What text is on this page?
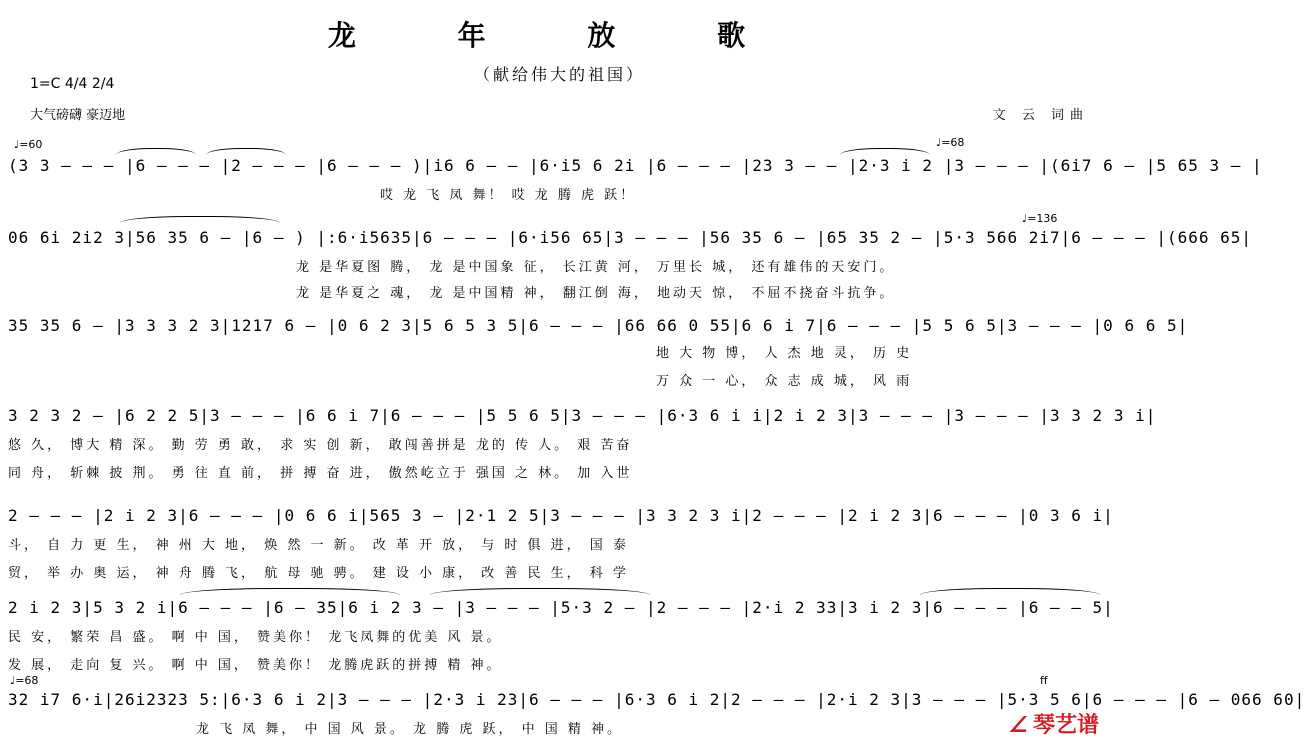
龙 年 放 歌
（献给伟大的祖国）
1=C 4/4 2/4
大气磅礴 豪迈地	文 云 词曲
♩=60	♩=68
♩=136
♩=68	ff
(3 3 — — — |6 — — — |2 — — — |6 — — — )|i6 6 — — |6·i5 6 2i |6 — — — |23 3 — — |2·3 i 2 |3 — — — |(6i7 6 — |5 65 3 — |
哎 龙 飞 凤 舞！ 哎 龙 腾 虎 跃！
06 6i 2i2 3|56 35 6 — |6 — ) |:6·i5635|6 — — — |6·i56 65|3 — — — |56 35 6 — |65 35 2 — |5·3 566 2i7|6 — — — |(666 65|
龙 是华夏图 腾， 龙 是中国象 征， 长江黄 河， 万里长 城， 还有雄伟的天安门。
龙 是华夏之 魂， 龙 是中国精 神， 翻江倒 海， 地动天 惊， 不屈不挠奋斗抗争。
35 35 6 — |3 3 3 2 3|1217 6 — |0 6 2 3|5 6 5 3 5|6 — — — |66 66 0 55|6 6 i 7|6 — — — |5 5 6 5|3 — — — |0 6 6 5|
地 大 物 博， 人 杰 地 灵， 历 史
万 众 一 心， 众 志 成 城， 风 雨
3 2 3 2 — |6 2 2 5|3 — — — |6 6 i 7|6 — — — |5 5 6 5|3 — — — |6·3 6 i i|2 i 2 3|3 — — — |3 — — — |3 3 2 3 i|
悠 久， 博大 精 深。 勤 劳 勇 敢， 求 实 创 新， 敢闯善拼是 龙的 传 人。 艰 苦奋
同 舟， 斩棘 披 荆。 勇 往 直 前， 拼 搏 奋 进， 傲然屹立于 强国 之 林。 加 入世
2 — — — |2 i 2 3|6 — — — |0 6 6 i|565 3 — |2·1 2 5|3 — — — |3 3 2 3 i|2 — — — |2 i 2 3|6 — — — |0 3 6 i|
斗， 自 力 更 生， 神 州 大 地， 焕 然 一 新。 改 革 开 放， 与 时 俱 进， 国 泰
贸， 举 办 奥 运， 神 舟 腾 飞， 航 母 驰 骋。 建 设 小 康， 改 善 民 生， 科 学
2 i 2 3|5 3 2 i|6 — — — |6 — 35|6 i 2 3 — |3 — — — |5·3 2 — |2 — — — |2·i 2 33|3 i 2 3|6 — — — |6 — — 5|
民 安， 繁荣 昌 盛。 啊 中 国， 赞美你！ 龙飞凤舞的优美 风 景。
发 展， 走向 复 兴。 啊 中 国， 赞美你！ 龙腾虎跃的拼搏 精 神。
32 i7 6·i|26i2323 5:|6·3 6 i 2|3 — — — |2·3 i 23|6 — — — |6·3 6 i 2|2 — — — |2·i 2 3|3 — — — |5·3 5 6|6 — — — |6 — 066 60|
龙 飞 凤 舞， 中 国 风 景。 龙 腾 虎 跃， 中 国 精 神。	∠琴艺谱
